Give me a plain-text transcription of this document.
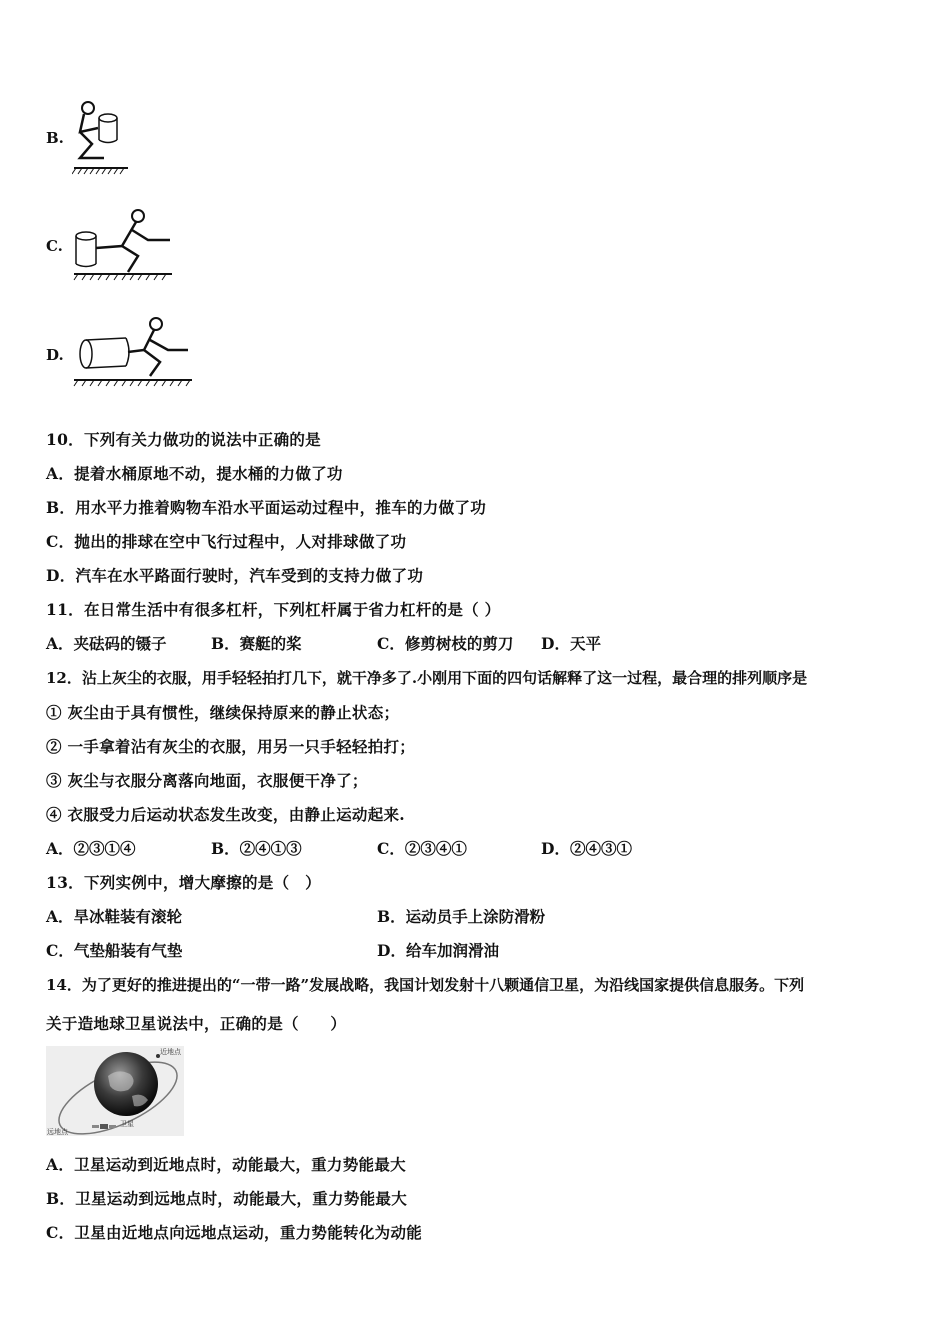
B.
C.
D.
10．下列有关力做功的说法中正确的是
A．提着水桶原地不动，提水桶的力做了功
B．用水平力推着购物车沿水平面运动过程中，推车的力做了功
C．抛出的排球在空中飞行过程中，人对排球做了功
D．汽车在水平路面行驶时，汽车受到的支持力做了功
11．在日常生活中有很多杠杆，下列杠杆属于省力杠杆的是（ ）
A．夹砝码的镊子	B．赛艇的桨	C．修剪树枝的剪刀 D．天平
12．沾上灰尘的衣服，用手轻轻拍打几下，就干净多了.小刚用下面的四句话解释了这一过程，最合理的排列顺序是
① 灰尘由于具有惯性，继续保持原来的静止状态；
② 一手拿着沾有灰尘的衣服，用另一只手轻轻拍打；
③ 灰尘与衣服分离落向地面，衣服便干净了；
④ 衣服受力后运动状态发生改变，由静止运动起来.
A．②③①④	B．②④①③	C．②③④①	D．②④③①
13．下列实例中，增大摩擦的是（　）
A．旱冰鞋装有滚轮	B．运动员手上涂防滑粉
C．气垫船装有气垫	D．给车加润滑油
14．为了更好的推进提出的“一带一路”发展战略，我国计划发射十八颗通信卫星，为沿线国家提供信息服务。下列
关于造地球卫星说法中，正确的是（　　）
近地点
远地点
卫星
A．卫星运动到近地点时，动能最大，重力势能最大
B．卫星运动到远地点时，动能最大，重力势能最大
C．卫星由近地点向远地点运动，重力势能转化为动能
